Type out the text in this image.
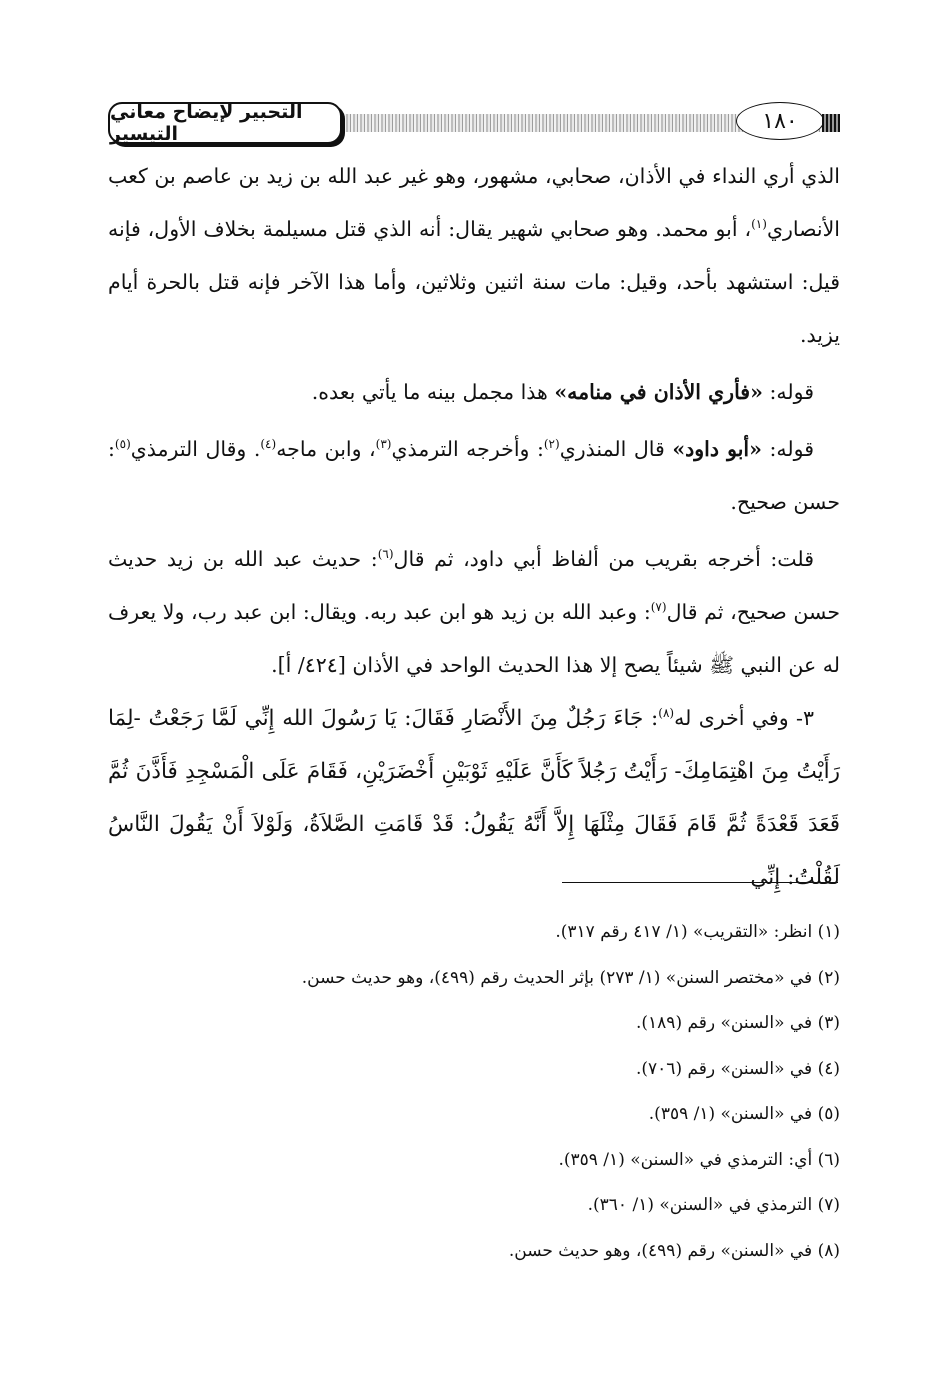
التحبير لإيضاح معاني التيسير
١٨٠

الذي أري النداء في الأذان، صحابي، مشهور، وهو غير عبد الله بن زيد بن عاصم بن كعب الأنصاري$^{(١)}$، أبو محمد. وهو صحابي شهير يقال: أنه الذي قتل مسيلمة بخلاف الأول، فإنه قيل: استشهد بأحد، وقيل: مات سنة اثنين وثلاثين، وأما هذا الآخر فإنه قتل بالحرة أيام يزيد.

قوله: «فأري الأذان في منامه» هذا مجمل بينه ما يأتي بعده.

قوله: «أبو داود» قال المنذري$^{(٢)}$: وأخرجه الترمذي$^{(٣)}$، وابن ماجه$^{(٤)}$. وقال الترمذي$^{(٥)}$: حسن صحيح.

قلت: أخرجه بقريب من ألفاظ أبي داود، ثم قال$^{(٦)}$: حديث عبد الله بن زيد حديث حسن صحيح، ثم قال$^{(٧)}$: وعبد الله بن زيد هو ابن عبد ربه. ويقال: ابن عبد رب، ولا يعرف له عن النبي ﷺ شيئاً يصح إلا هذا الحديث الواحد في الأذان [٤٢٤/ أ].

٣- وفي أخرى له$^{(٨)}$: جَاءَ رَجُلٌ مِنَ الأَنْصَارِ فَقَالَ: يَا رَسُولَ الله إِنِّي لَمَّا رَجَعْتُ -لِمَا رَأَيْتُ مِنَ اهْتِمَامِكَ- رَأَيْتُ رَجُلاً كَأَنَّ عَلَيْهِ ثَوْبَيْنِ أَخْضَرَيْنِ، فَقَامَ عَلَى الْمَسْجِدِ فَأَذَّنَ ثُمَّ قَعَدَ قَعْدَةً ثُمَّ قَامَ فَقَالَ مِثْلَهَا إِلاَّ أَنَّهُ يَقُولُ: قَدْ قَامَتِ الصَّلاَةُ، وَلَوْلاَ أَنْ يَقُولَ النَّاسُ لَقُلْتُ: إِنِّي

(١) انظر: «التقريب» (١/ ٤١٧ رقم ٣١٧).
(٢) في «مختصر السنن» (١/ ٢٧٣) بإثر الحديث رقم (٤٩٩)، وهو حديث حسن.
(٣) في «السنن» رقم (١٨٩).
(٤) في «السنن» رقم (٧٠٦).
(٥) في «السنن» (١/ ٣٥٩).
(٦) أي: الترمذي في «السنن» (١/ ٣٥٩).
(٧) الترمذي في «السنن» (١/ ٣٦٠).
(٨) في «السنن» رقم (٤٩٩)، وهو حديث حسن.
